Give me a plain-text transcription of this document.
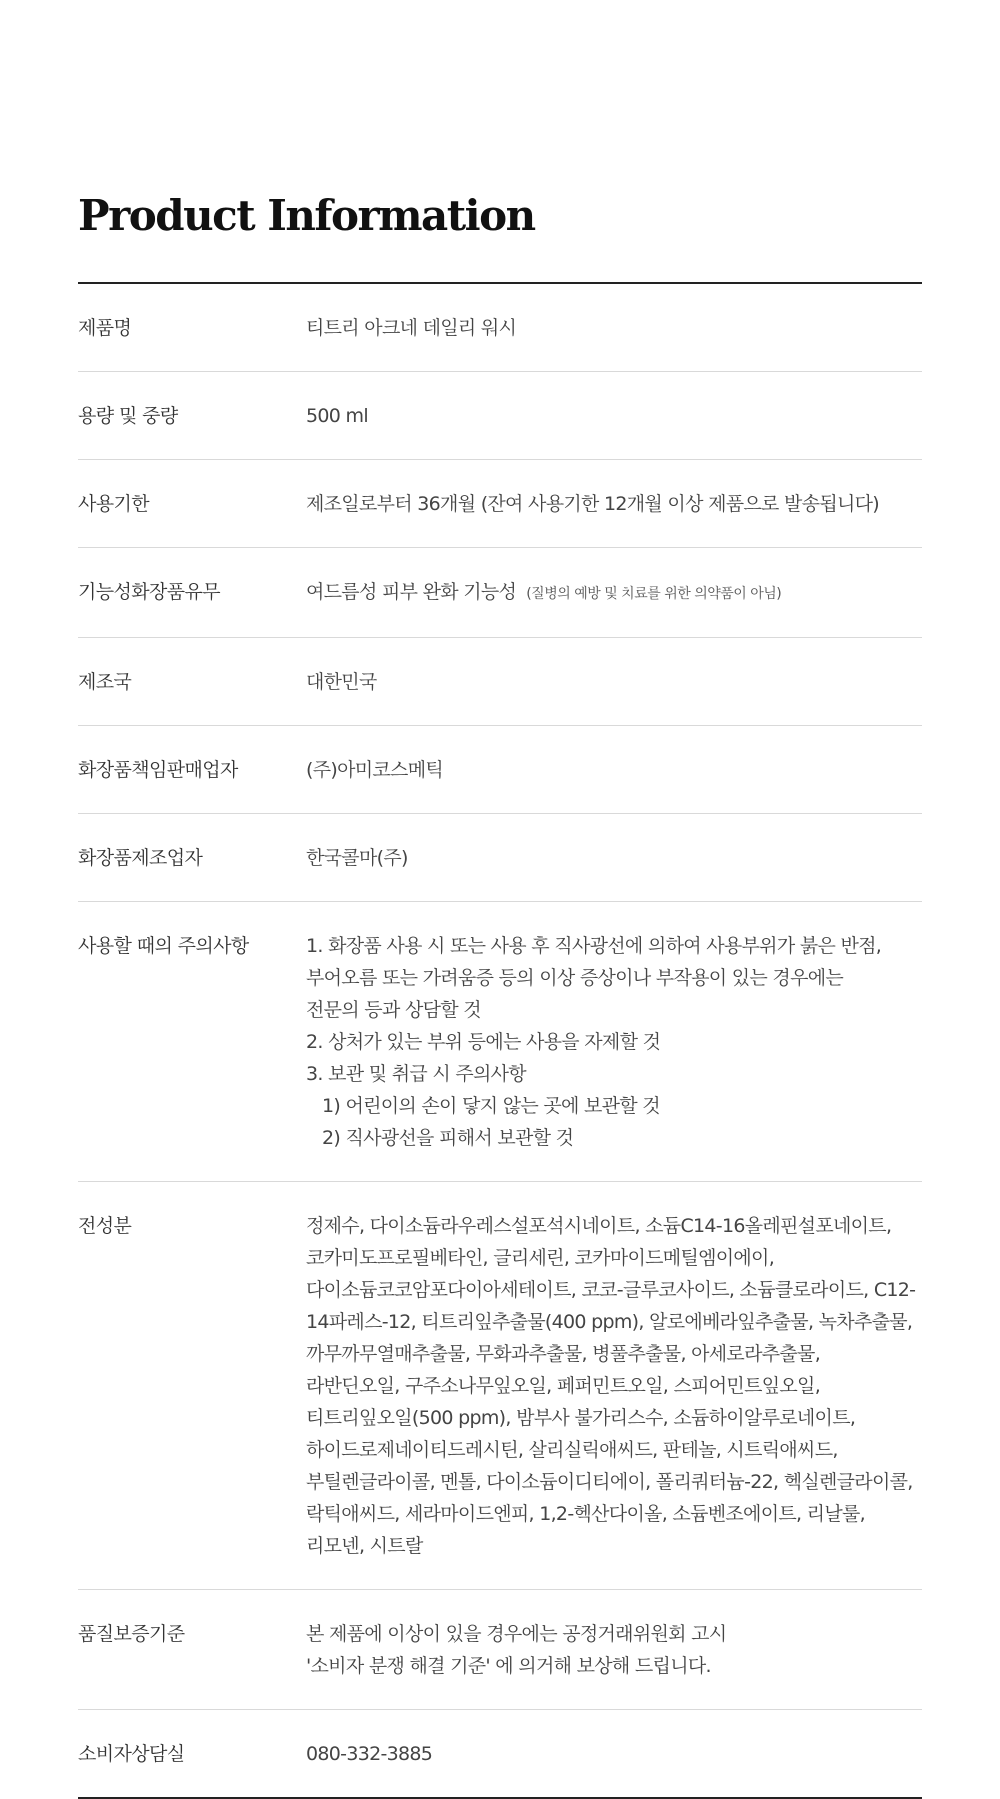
Product Information
제품명	티트리 아크네 데일리 워시
용량 및 중량	500 ml
사용기한	제조일로부터 36개월 (잔여 사용기한 12개월 이상 제품으로 발송됩니다)
기능성화장품유무	여드름성 피부 완화 기능성 (질병의 예방 및 치료를 위한 의약품이 아님)
제조국	대한민국
화장품책임판매업자	(주)아미코스메틱
화장품제조업자	한국콜마(주)
사용할 때의 주의사항	1. 화장품 사용 시 또는 사용 후 직사광선에 의하여 사용부위가 붉은 반점,
부어오름 또는 가려움증 등의 이상 증상이나 부작용이 있는 경우에는
전문의 등과 상담할 것
2. 상처가 있는 부위 등에는 사용을 자제할 것
3. 보관 및 취급 시 주의사항
1) 어린이의 손이 닿지 않는 곳에 보관할 것
2) 직사광선을 피해서 보관할 것
전성분	정제수, 다이소듐라우레스설포석시네이트, 소듐C14-16올레핀설포네이트, 코카미도프로필베타인, 글리세린, 코카마이드메틸엠이에이, 다이소듐코코암포다이아세테이트, 코코-글루코사이드, 소듐클로라이드, C12-14파레스-12, 티트리잎추출물(400 ppm), 알로에베라잎추출물, 녹차추출물, 까무까무열매추출물, 무화과추출물, 병풀추출물, 아세로라추출물, 라반딘오일, 구주소나무잎오일, 페퍼민트오일, 스피어민트잎오일, 티트리잎오일(500 ppm), 밤부사 불가리스수, 소듐하이알루로네이트, 하이드로제네이티드레시틴, 살리실릭애씨드, 판테놀, 시트릭애씨드, 부틸렌글라이콜, 멘톨, 다이소듐이디티에이, 폴리쿼터늄-22, 헥실렌글라이콜, 락틱애씨드, 세라마이드엔피, 1,2-헥산다이올, 소듐벤조에이트, 리날룰, 리모넨, 시트랄
품질보증기준	본 제품에 이상이 있을 경우에는 공정거래위원회 고시
'소비자 분쟁 해결 기준' 에 의거해 보상해 드립니다.
소비자상담실	080-332-3885
